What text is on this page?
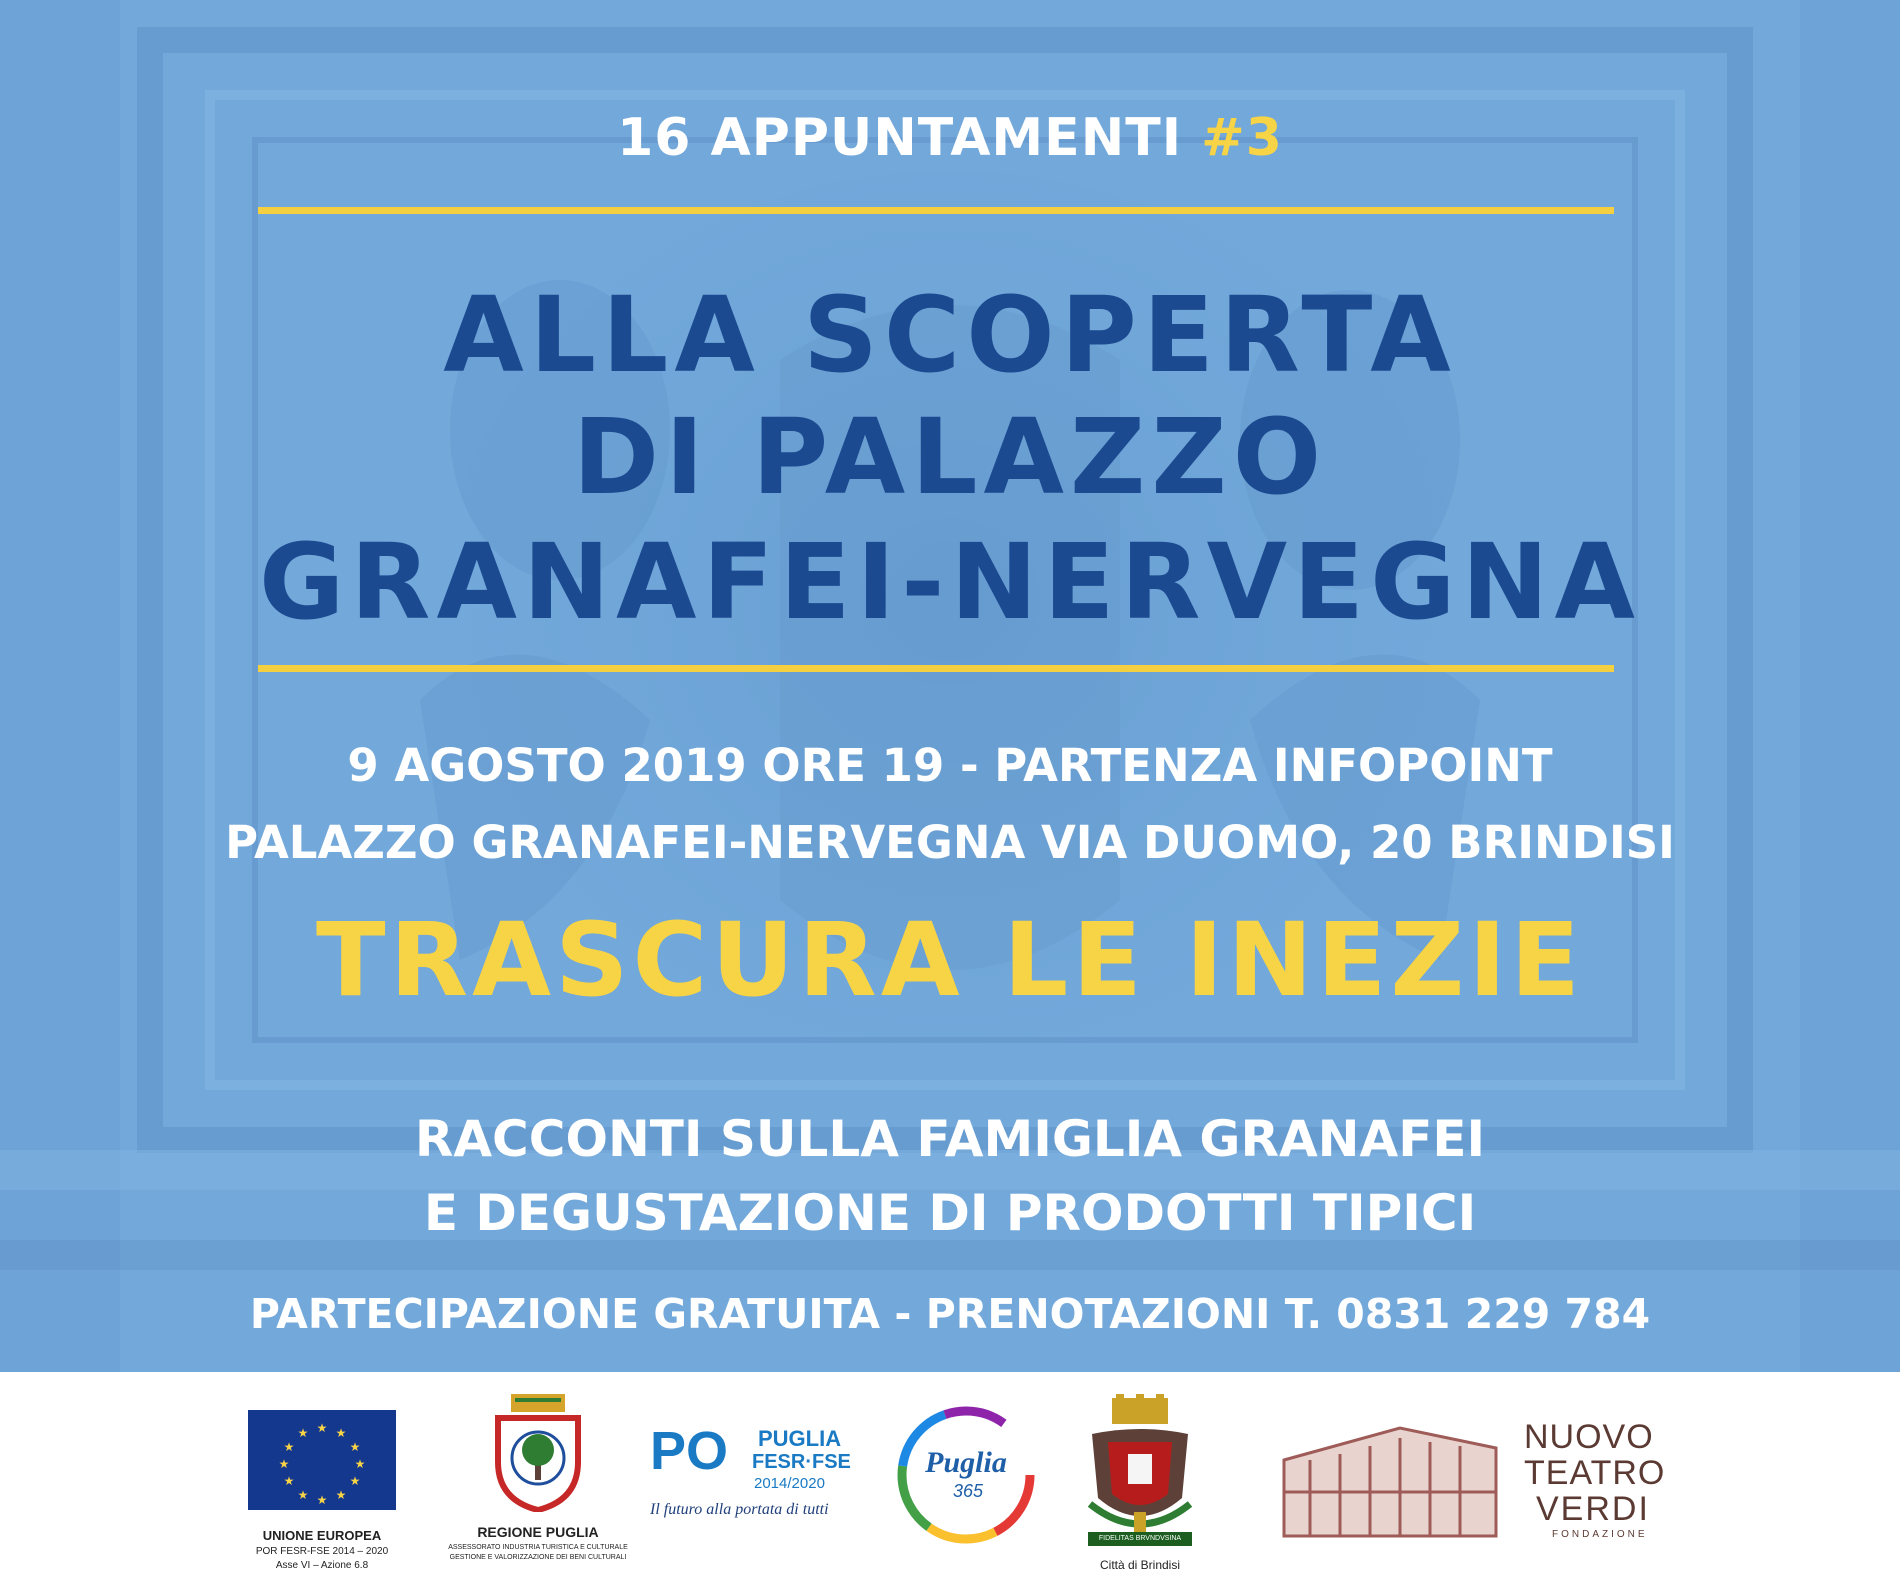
16 APPUNTAMENTI #3
ALLA SCOPERTA
DI PALAZZO
GRANAFEI-NERVEGNA
9 AGOSTO 2019 ORE 19 - PARTENZA INFOPOINT
PALAZZO GRANAFEI-NERVEGNA VIA DUOMO, 20 BRINDISI
TRASCURA LE INEZIE
RACCONTI SULLA FAMIGLIA GRANAFEI
E DEGUSTAZIONE DI PRODOTTI TIPICI
PARTECIPAZIONE GRATUITA - PRENOTAZIONI T. 0831 229 784
★ ★
★
★
★
★
★
★
★
★
★
★
UNIONE EUROPEA
POR FESR-FSE 2014 – 2020
Asse VI – Azione 6.8
REGIONE PUGLIA
ASSESSORATO INDUSTRIA TURISTICA E CULTURALE
GESTIONE E VALORIZZAZIONE DEI BENI CULTURALI
PO PUGLIA
FESR·FSE
2014/2020
Il futuro alla portata di tutti
Puglia
365
FIDELITAS BRVNDVSINA
Città di Brindisi
NUOVO
TEATRO
VERDI
FONDAZIONE
